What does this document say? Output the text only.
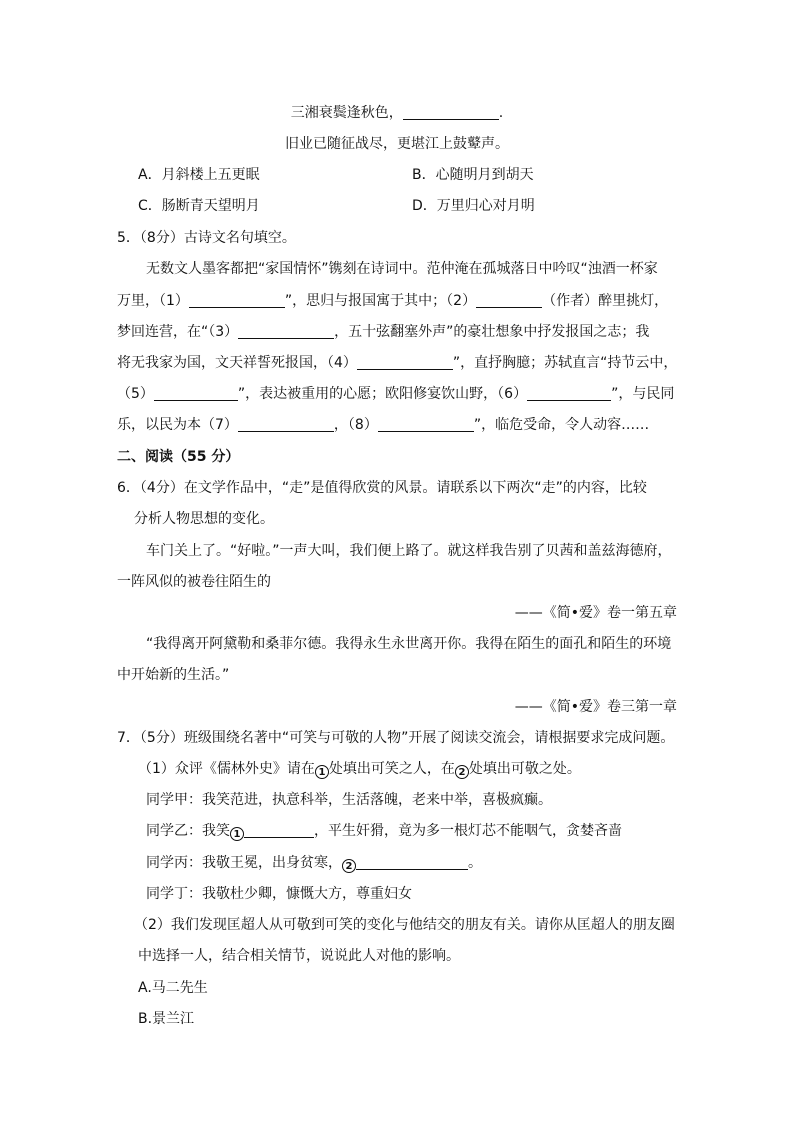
三湘衰鬓逢秋色，	.
旧业已随征战尽，更堪江上鼓鼙声。
A．月斜楼上五更眠	B．心随明月到胡天
C．肠断青天望明月	D．万里归心对月明
5．（8分）古诗文名句填空。
无数文人墨客都把“家国情怀”镌刻在诗词中。范仲淹在孤城落日中吟叹“浊酒一杯家
万里，（1）	”，思归与报国寓于其中；（2）	（作者）醉里挑灯，
梦回连营，在“（3）	，五十弦翻塞外声”的豪壮想象中抒发报国之志；我
将无我家为国，文天祥誓死报国，（4）	”，直抒胸臆；苏轼直言“持节云中，
（5）	”，表达被重用的心愿；欧阳修宴饮山野，（6）	”，与民同
乐，以民为本（7）	，（8）	”，临危受命，令人动容……
二、阅读（55 分）
6．（4分）在文学作品中，“走”是值得欣赏的风景。请联系以下两次“走”的内容，比较
分析人物思想的变化。
车门关上了。“好啦。”一声大叫，我们便上路了。就这样我告别了贝茜和盖兹海德府，
一阵风似的被卷往陌生的
——《简•爱》卷一第五章
“我得离开阿黛勒和桑菲尔德。我得永生永世离开你。我得在陌生的面孔和陌生的环境
中开始新的生活。”
——《简•爱》卷三第一章
7．（5分）班级围绕名著中“可笑与可敬的人物”开展了阅读交流会，请根据要求完成问题。
（1）众评《儒林外史》请在 1 处填出可笑之人，在 2 处填出可敬之处。
同学甲：我笑范进，执意科举，生活落魄，老来中举，喜极疯癫。
同学乙：我笑 1	，平生奸猾，竟为多一根灯芯不能咽气，贪婪吝啬
同学丙：我敬王冕，出身贫寒， 2	。
同学丁：我敬杜少卿，慷慨大方，尊重妇女
（2）我们发现匡超人从可敬到可笑的变化与他结交的朋友有关。请你从匡超人的朋友圈
中选择一人，结合相关情节，说说此人对他的影响。
A.马二先生
B.景兰江
